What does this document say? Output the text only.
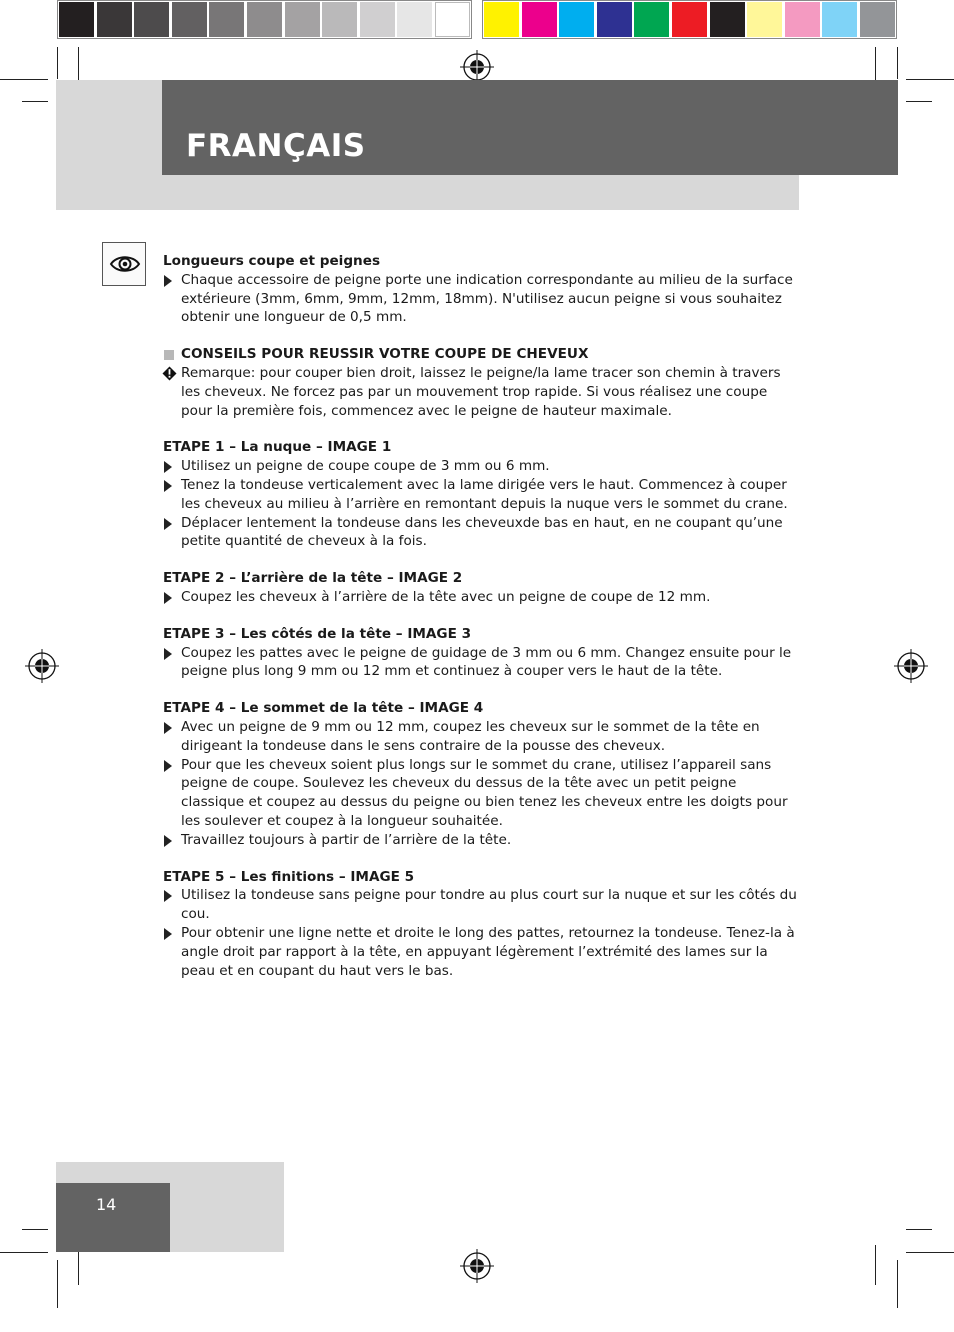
FRANÇAIS

Longueurs coupe et peignes

Chaque accessoire de peigne porte une indication correspondante au milieu de la surface extérieure (3mm, 6mm, 9mm, 12mm, 18mm). N'utilisez aucun peigne si vous souhaitez obtenir une longueur de 0,5 mm.

CONSEILS POUR REUSSIR VOTRE COUPE DE CHEVEUX

Remarque: pour couper bien droit, laissez le peigne/la lame tracer son chemin à travers les cheveux. Ne forcez pas par un mouvement trop rapide. Si vous réalisez une coupe pour la première fois, commencez avec le peigne de hauteur maximale.

ETAPE 1 – La nuque – IMAGE 1

Utilisez un peigne de coupe coupe de 3 mm ou 6 mm.

Tenez la tondeuse verticalement avec la lame dirigée vers le haut. Commencez à couper les cheveux au milieu à l’arrière en remontant depuis la nuque vers le sommet du crane.

Déplacer lentement la tondeuse dans les cheveuxde bas en haut, en ne coupant qu’une petite quantité de cheveux à la fois.

ETAPE 2 – L’arrière de la tête – IMAGE 2

Coupez les cheveux à l’arrière de la tête avec un peigne de coupe de 12 mm.

ETAPE 3 – Les côtés de la tête – IMAGE 3

Coupez les pattes avec le peigne de guidage de 3 mm ou 6 mm. Changez ensuite pour le peigne plus long 9 mm ou 12 mm et continuez à couper vers le haut de la tête.

ETAPE 4 – Le sommet de la tête – IMAGE 4

Avec un peigne de 9 mm ou 12 mm, coupez les cheveux sur le sommet de la tête en dirigeant la tondeuse dans le sens contraire de la pousse des cheveux.

Pour que les cheveux soient plus longs sur le sommet du crane, utilisez l’appareil sans peigne de coupe. Soulevez les cheveux du dessus de la tête avec un petit peigne classique et coupez au dessus du peigne ou bien tenez les cheveux entre les doigts pour les soulever et coupez à la longueur souhaitée.

Travaillez toujours à partir de l’arrière de la tête.

ETAPE 5 – Les finitions – IMAGE 5

Utilisez la tondeuse sans peigne pour tondre au plus court sur la nuque et sur les côtés du cou.

Pour obtenir une ligne nette et droite le long des pattes, retournez la tondeuse. Tenez-la à angle droit par rapport à la tête, en appuyant légèrement l’extrémité des lames sur la peau et en coupant du haut vers le bas.

14
